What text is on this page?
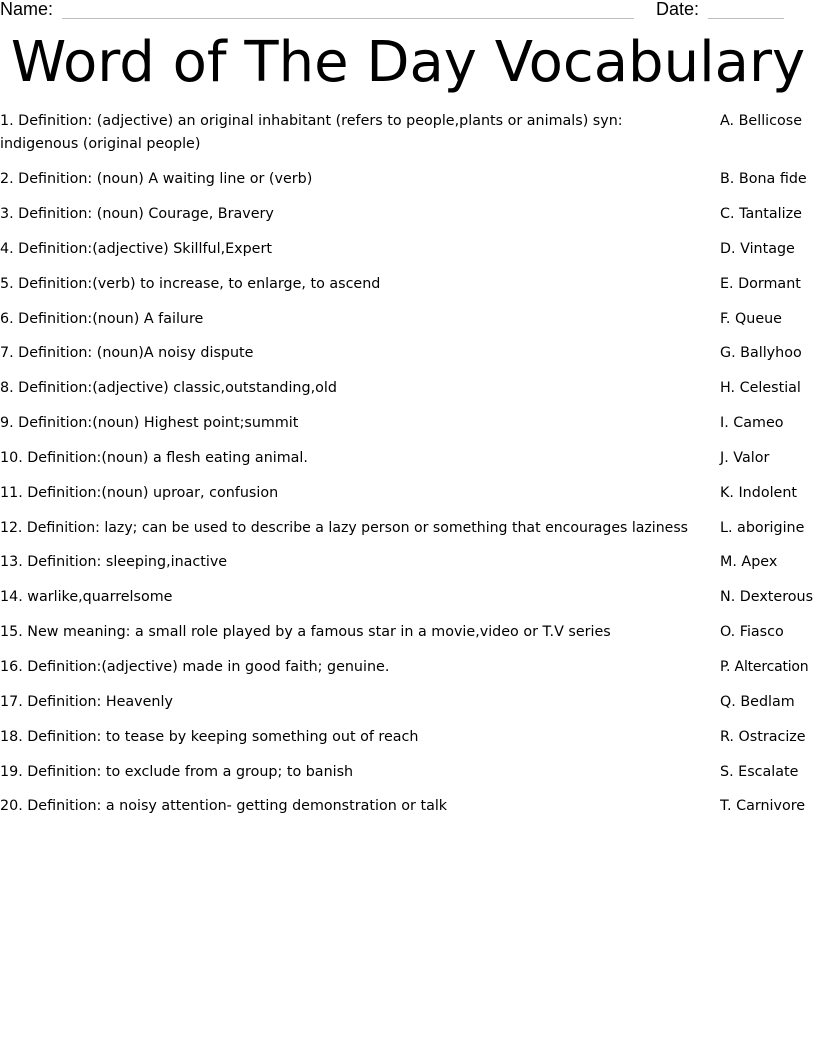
Name:	Date:
Word of The Day Vocabulary
1. Definition: (adjective) an original inhabitant (refers to people,plants or animals) syn: indigenous (original people)
2. Definition: (noun) A waiting line or (verb)
3. Definition: (noun) Courage, Bravery
4. Definition:(adjective) Skillful,Expert
5. Definition:(verb) to increase, to enlarge, to ascend
6. Definition:(noun) A failure
7. Definition: (noun)A noisy dispute
8. Definition:(adjective) classic,outstanding,old
9. Definition:(noun) Highest point;summit
10. Definition:(noun) a flesh eating animal.
11. Definition:(noun) uproar, confusion
12. Definition: lazy; can be used to describe a lazy person or something that encourages laziness
13. Definition: sleeping,inactive
14. warlike,quarrelsome
15. New meaning: a small role played by a famous star in a movie,video or T.V series
16. Definition:(adjective) made in good faith; genuine.
17. Definition: Heavenly
18. Definition: to tease by keeping something out of reach
19. Definition: to exclude from a group; to banish
20. Definition: a noisy attention- getting demonstration or talk
A. Bellicose
B. Bona fide
C. Tantalize
D. Vintage
E. Dormant
F. Queue
G. Ballyhoo
H. Celestial
I. Cameo
J. Valor
K. Indolent
L. aborigine
M. Apex
N. Dexterous
O. Fiasco
P. Altercation
Q. Bedlam
R. Ostracize
S. Escalate
T. Carnivore
